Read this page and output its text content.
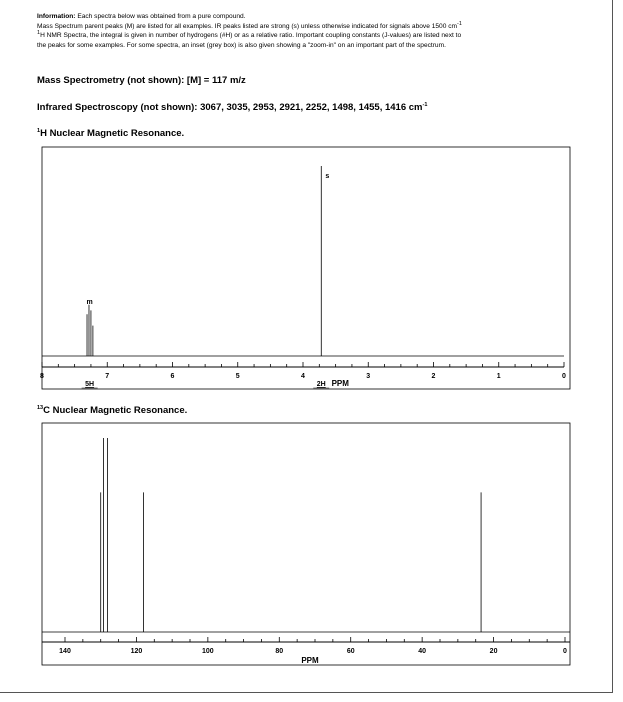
Information: Each spectra below was obtained from a pure compound.
Mass Spectrum parent peaks (M) are listed for all examples. IR peaks listed are strong (s) unless otherwise indicated for signals above 1500 $cm^{-1}$
$^1$H NMR Spectra, the integral is given in number of hydrogens (#H) or as a relative ratio. Important coupling constants (J-values) are listed next to
the peaks for some examples. For some spectra, an inset (grey box) is also given showing a "zoom-in" on an important part of the spectrum.
Mass Spectrometry (not shown): [M] = 117 m/z
Infrared Spectroscopy (not shown): 3067, 3035, 2953, 2921, 2252, 1498, 1455, 1416 $cm^{-1}$
$^1$H Nuclear Magnetic Resonance.
$^{13}$C Nuclear Magnetic Resonance.
8	7	6	5	4	3	2	1	0
s
m
5H	2H PPM
140	120	100	80	60	40	20	0
PPM
